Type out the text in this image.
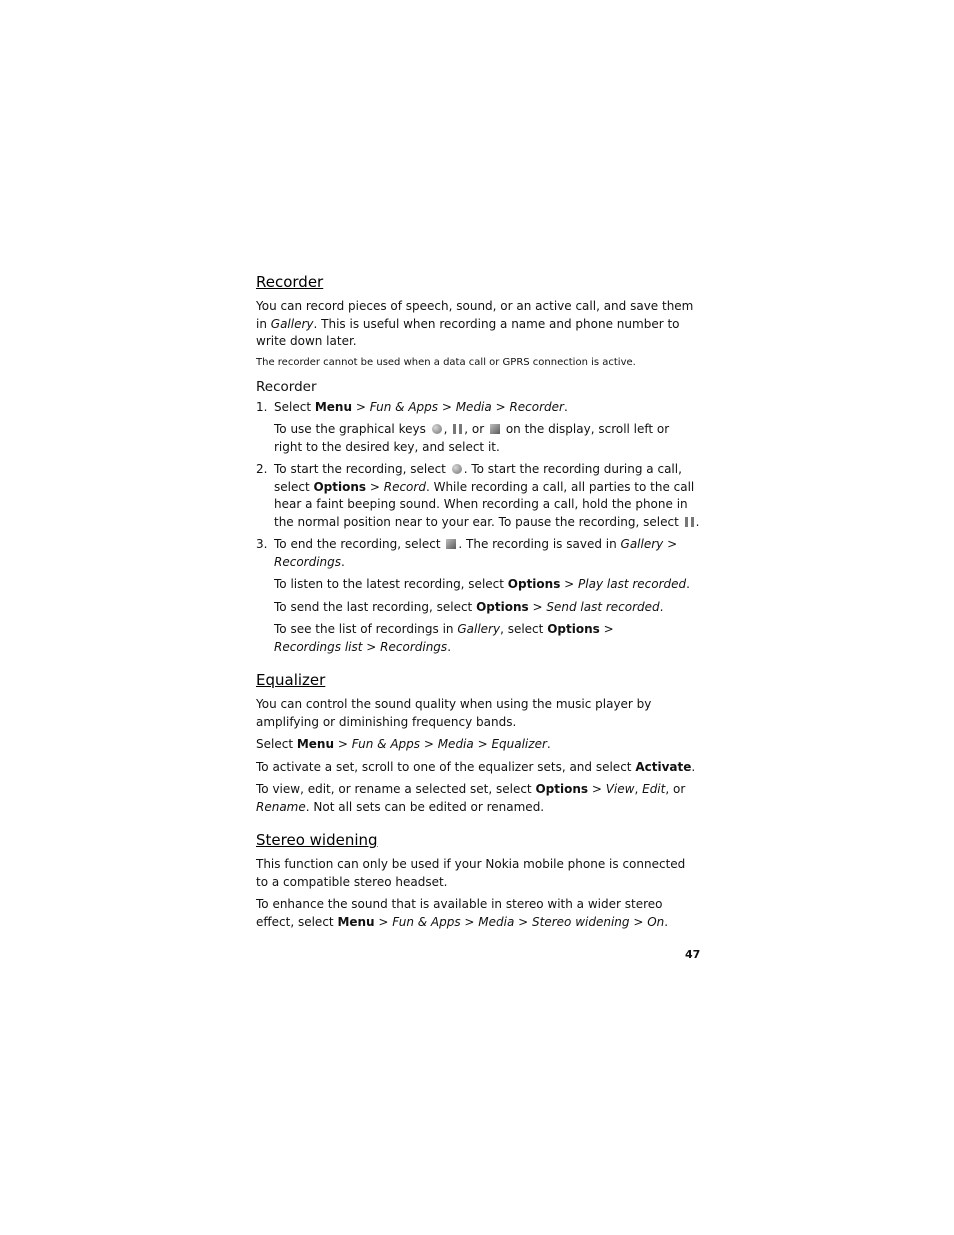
Recorder

You can record pieces of speech, sound, or an active call, and save them in Gallery. This is useful when recording a name and phone number to write down later.

The recorder cannot be used when a data call or GPRS connection is active.

Recorder
1. Select Menu > Fun & Apps > Media > Recorder.

To use the graphical keys , , or  on the display, scroll left or right to the desired key, and select it.

2. To start the recording, select . To start the recording during a call, select Options > Record. While recording a call, all parties to the call hear a faint beeping sound. When recording a call, hold the phone in the normal position near to your ear. To pause the recording, select .
3. To end the recording, select . The recording is saved in Gallery > Recordings.

To listen to the latest recording, select Options > Play last recorded.

To send the last recording, select Options > Send last recorded.

To see the list of recordings in Gallery, select Options >
Recordings list > Recordings.

Equalizer

You can control the sound quality when using the music player by amplifying or diminishing frequency bands.

Select Menu > Fun & Apps > Media > Equalizer.

To activate a set, scroll to one of the equalizer sets, and select Activate.

To view, edit, or rename a selected set, select Options > View, Edit, or Rename. Not all sets can be edited or renamed.

Stereo widening

This function can only be used if your Nokia mobile phone is connected to a compatible stereo headset.

To enhance the sound that is available in stereo with a wider stereo effect, select Menu > Fun & Apps > Media > Stereo widening > On.

47
